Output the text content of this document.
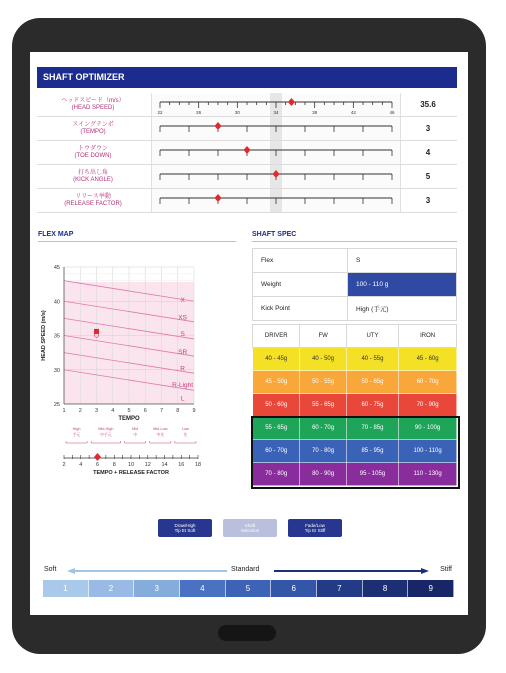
SHAFT OPTIMIZER
ヘッドスピード（m/s）
(HEAD SPEED)
22	26	30	34	38	42	46
35.6
スイングテンポ
(TEMPO)	3
トウダウン
(TOE DOWN)	4
打ち出し角
(KICK ANGLE)	5
リリース挙動
(RELEASE FACTOR)	3
FLEX MAP
X
XS
S
SR
R
R-Light
L
45
40
35
30
25
1 2 3 4 5 6 7 8 9
TEMPO
HEAD SPEED (m/s)
High
手元
Mid-High
中手元
Mid
中
Mid-Low
中先
Low
先
2 4 6 8 10 12 14 16 18
TEMPO + RELEASE FACTOR
SHAFT SPEC
Flex	S
Weight	100 - 110 g
Kick Point	High (手元)
DRIVER	FW	UTY	IRON
40 - 45g	40 - 50g	40 - 55g	45 - 60g
45 - 50g	50 - 55g	50 - 65g	60 - 70g
50 - 60g	55 - 65g	60 - 75g	70 - 90g
55 - 65g	60 - 70g	70 - 85g	90 - 100g
60 - 70g	70 - 80g	85 - 95g	100 - 110g
70 - 80g	80 - 90g	95 - 105g	110 - 130g
Draw/High
Tip EI Soft
Shaft
Selection
Fade/Low
Tip EI Stiff
Soft	Standard	Stiff
1	2	3	4	5	6	7	8	9
